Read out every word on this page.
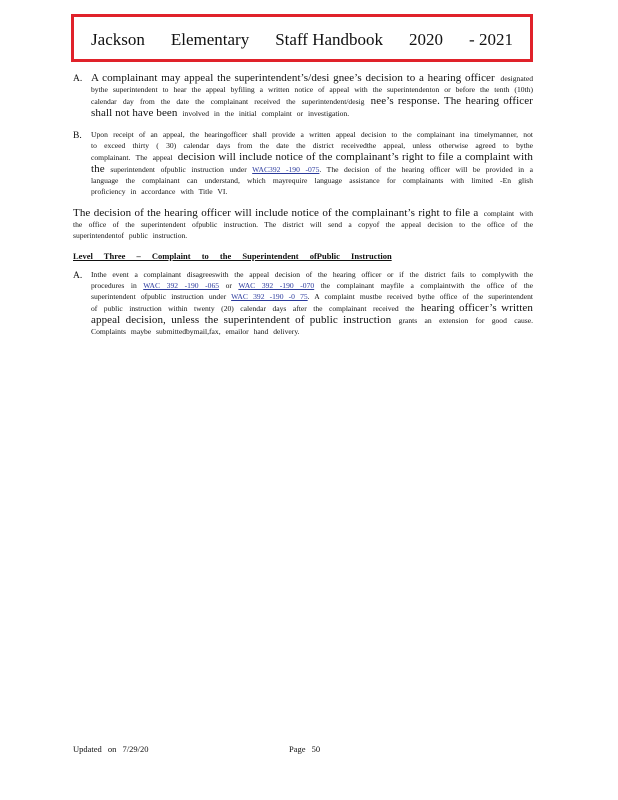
Jackson Elementary Staff Handbook 2020 - 2021
A. A complainant may appeal the superintendent’s/desi gnee’s decision to a hearing officer designated bythe superintendent to hear the appeal byfiling a written notice of appeal with the superintendenton or before the tenth (10th) calendar day from the date the complainant received the superintendent/desig nee’s response. The hearing officer shall not have been involved in the initial complaint or investigation.
B.	Upon receipt of an appeal, the hearingofficer shall provide a written appeal decision to the complainant ina timelymanner, not to exceed thirty ( 30) calendar days from the date the district receivedthe appeal, unless otherwise agreed to bythe complainant. The appeal decision will include notice of the complainant’s right to file a complaint with the superintendent ofpublic instruction under WAC392 -190 -075. The decision of the hearing officer will be provided in a language the complainant can understand, which mayrequire language assistance for complainants with limited -En glish proficiency in accordance with Title VI.
The decision of the hearing officer will include notice of the complainant’s right to file a complaint with the office of the superintendent ofpublic instruction. The district will send a copyof the appeal decision to the office of the superintendentof public instruction.
Level Three – Complaint to the Superintendent ofPublic Instruction
A.	Inthe event a complainant disagreeswith the appeal decision of the hearing officer or if the district fails to complywith the procedures in WAC 392 -190 -065 or WAC 392 -190 -070 the complainant mayfile a complaintwith the office of the superintendent ofpublic instruction under WAC 392 -190 -0 75. A complaint mustbe received bythe office of the superintendent of public instruction within twenty (20) calendar days after the complainant received the hearing officer’s written appeal decision, unless the superintendent of public instruction grants an extension for good cause. Complaints maybe submittedbymail,fax, emailor hand delivery.
Updated on 7/29/20	Page 50
